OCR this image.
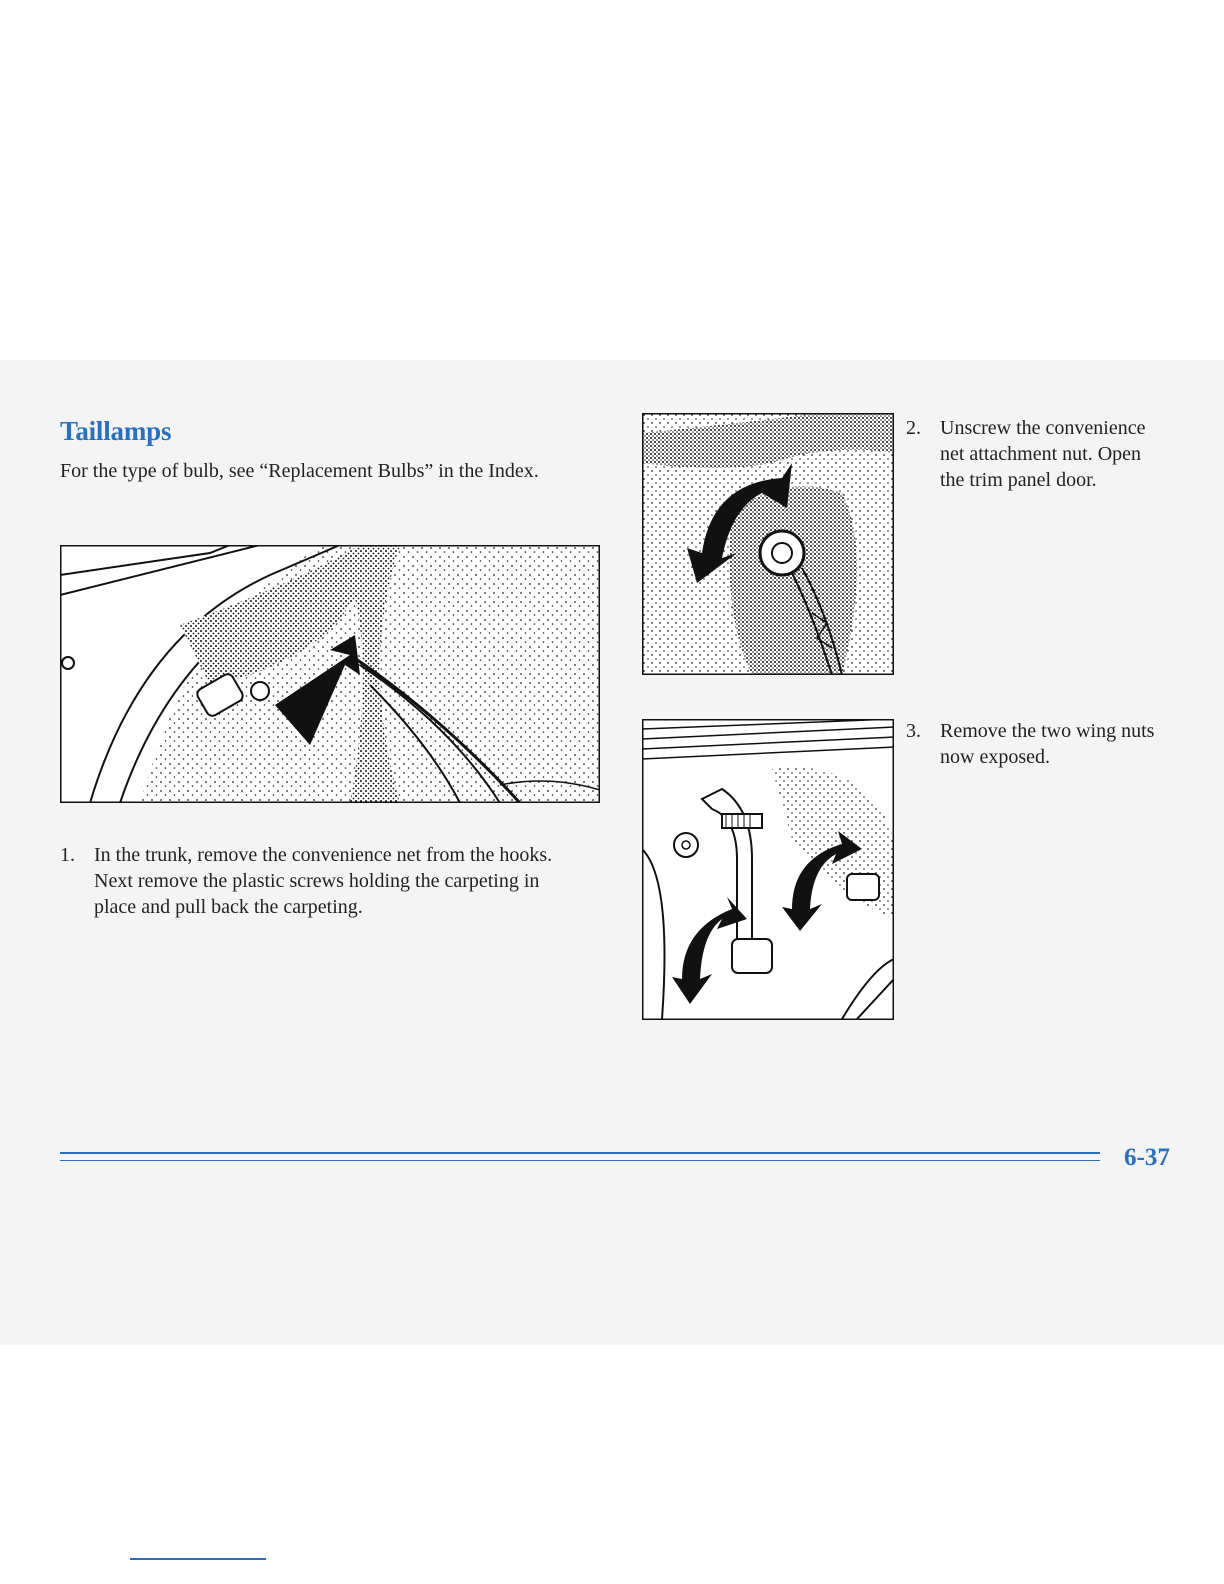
Taillamps

For the type of bulb, see “Replacement Bulbs” in the Index.

1. In the trunk, remove the convenience net from the hooks. Next remove the plastic screws holding the carpeting in place and pull back the carpeting.

2. Unscrew the convenience net attachment nut. Open the trim panel door.

3. Remove the two wing nuts now exposed.

6-37
